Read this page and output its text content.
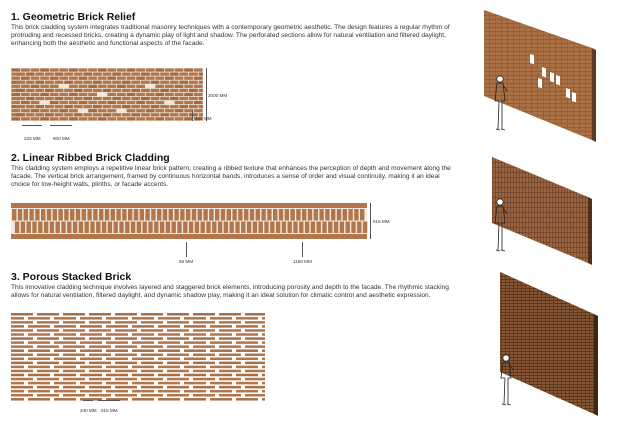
1. Geometric Brick Relief

This brick cladding system integrates traditional masonry techniques with a contemporary geometric aesthetic. The design features a regular rhythm of protruding and recessed bricks, creating a dynamic play of light and shadow. The perforated sections allow for natural ventilation and filtered daylight, enhancing both the aesthetic and functional aspects of the facade.

2000 MM
400 MM
225 MM	800 MM
2. Linear Ribbed Brick Cladding

This cladding system employs a repetitive linear brick pattern, creating a ribbed texture that enhances the perception of depth and movement along the facade. The vertical brick arrangement, framed by continuous horizontal bands, introduces a sense of order and visual continuity, making it an ideal choice for low-height walls, plinths, or facade accents.

515 MM
68 MM	1160 MM
3. Porous Stacked Brick

This innovative cladding technique involves layered and staggered brick elements, introducing porosity and depth to the facade. The rhythmic stacking allows for natural ventilation, filtered daylight, and dynamic shadow play, making it an ideal solution for climatic control and aesthetic expression.

240 MM 515 MM
